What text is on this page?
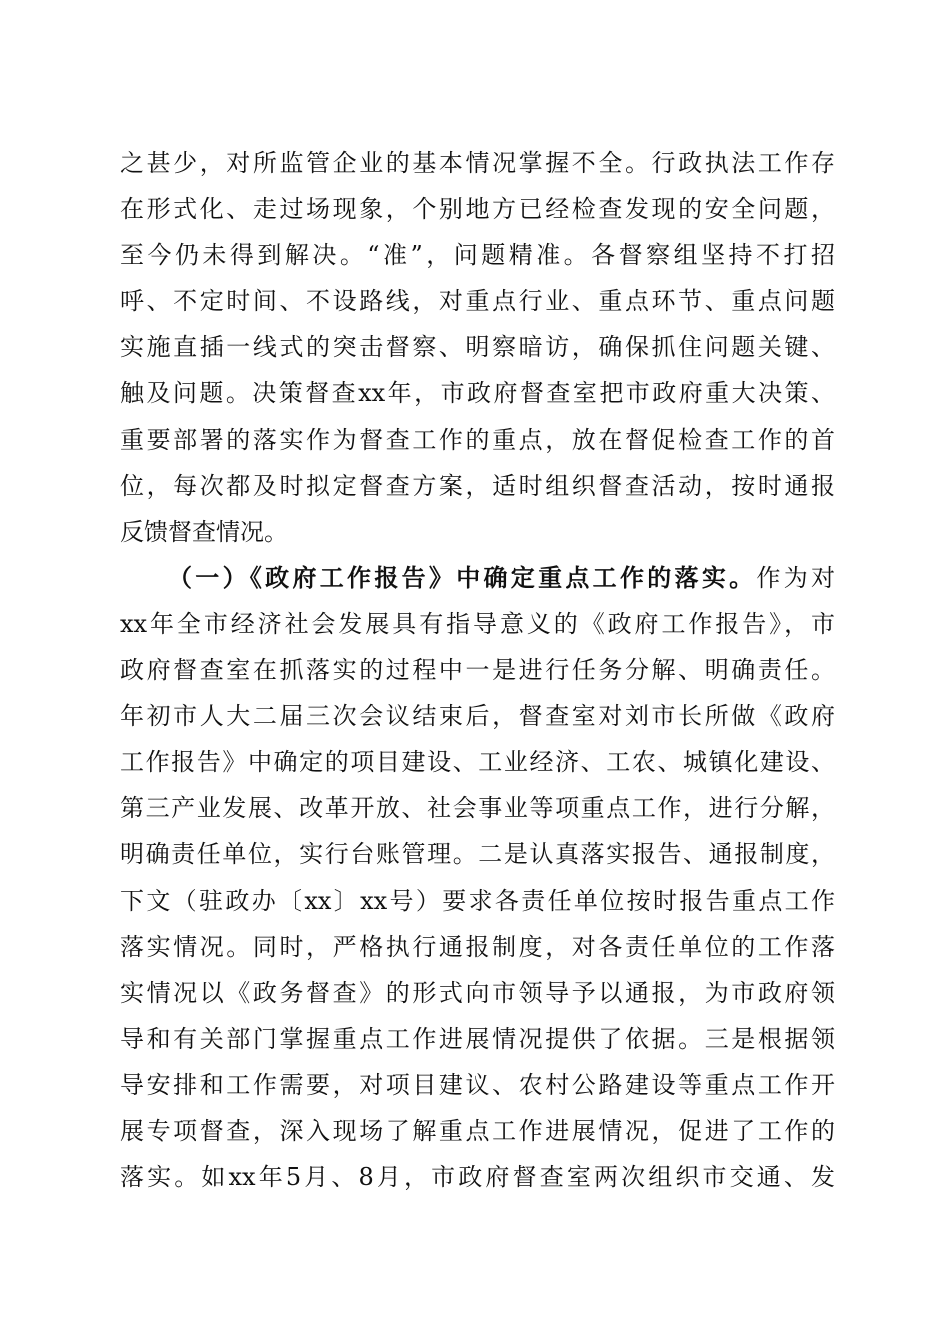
之甚少，对所监管企业的基本情况掌握不全。行政执法工作存
在形式化、走过场现象，个别地方已经检查发现的安全问题，
至今仍未得到解决。“准”，问题精准。各督察组坚持不打招
呼、不定时间、不设路线，对重点行业、重点环节、重点问题
实施直插一线式的突击督察、明察暗访，确保抓住问题关键、
触及问题。决策督查xx年，市政府督查室把市政府重大决策、
重要部署的落实作为督查工作的重点，放在督促检查工作的首
位，每次都及时拟定督查方案，适时组织督查活动，按时通报
反馈督查情况。
（一）《政府工作报告》中确定重点工作的落实。作为对
xx年全市经济社会发展具有指导意义的《政府工作报告》，市
政府督查室在抓落实的过程中一是进行任务分解、明确责任。
年初市人大二届三次会议结束后，督查室对刘市长所做《政府
工作报告》中确定的项目建设、工业经济、工农、城镇化建设、
第三产业发展、改革开放、社会事业等项重点工作，进行分解，
明确责任单位，实行台账管理。二是认真落实报告、通报制度，
下文（驻政办〔xx〕xx号）要求各责任单位按时报告重点工作
落实情况。同时，严格执行通报制度，对各责任单位的工作落
实情况以《政务督查》的形式向市领导予以通报，为市政府领
导和有关部门掌握重点工作进展情况提供了依据。三是根据领
导安排和工作需要，对项目建议、农村公路建设等重点工作开
展专项督查，深入现场了解重点工作进展情况，促进了工作的
落实。如xx年5月、8月，市政府督查室两次组织市交通、发
